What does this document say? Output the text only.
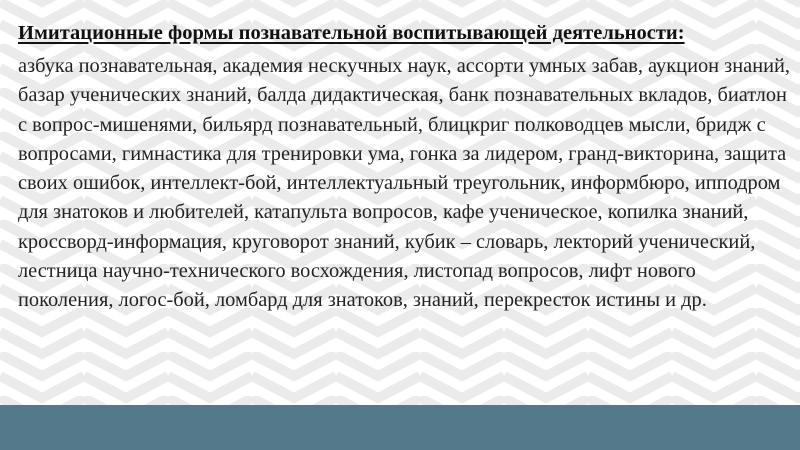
Имитационные формы познавательной воспитывающей деятельности:

азбука познавательная, академия нескучных наук, ассорти умных забав, аукцион знаний, базар ученических знаний, балда дидактическая, банк познавательных вкладов, биатлон с вопрос-мишенями, бильярд познавательный, блицкриг полководцев мысли, бридж с вопросами, гимнастика для тренировки ума, гонка за лидером, гранд-викторина, защита своих ошибок, интеллект-бой, интеллектуальный треугольник, информбюро, ипподром для знатоков и любителей, катапульта вопросов, кафе ученическое, копилка знаний, кроссворд-информация, круговорот знаний, кубик – словарь, лекторий ученический, лестница научно-технического восхождения, листопад вопросов, лифт нового поколения, логос-бой, ломбард для знатоков, знаний, перекресток истины и др.
